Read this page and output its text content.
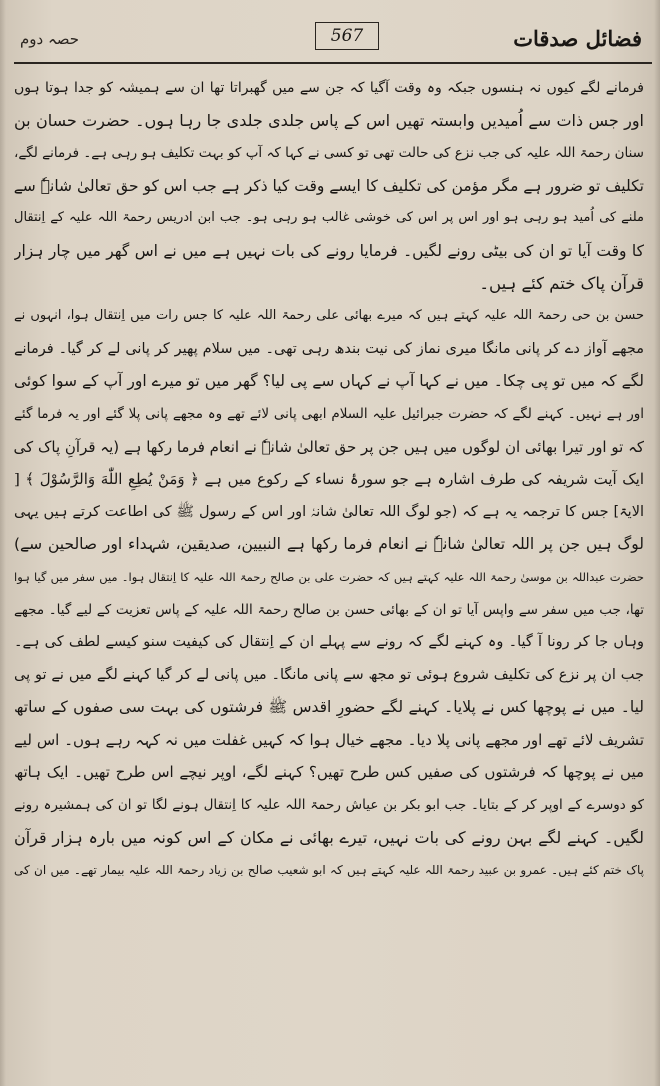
حصہ دوم	567	فضائل صدقات
فرمانے لگے کیوں نہ ہنسوں جبکہ وہ وقت آگیا کہ جن سے میں گھبراتا تھا ان سے ہمیشہ کو جدا ہوتا ہوں
اور جس ذات سے اُمیدیں وابستہ تھیں اس کے پاس جلدی جلدی جا رہا ہوں۔ حضرت حسان بن
سنان رحمۃ اللہ علیہ کی جب نزع کی حالت تھی تو کسی نے کہا کہ آپ کو بہت تکلیف ہو رہی ہے۔ فرمانے لگے،
تکلیف تو ضرور ہے مگر مؤمن کی تکلیف کا ایسے وقت کیا ذکر ہے جب اس کو حق تعالیٰ شانہٗ سے
ملنے کی اُمید ہو رہی ہو اور اس پر اس کی خوشی غالب ہو رہی ہو۔ جب ابن ادریس رحمۃ اللہ علیہ کے اِنتقال
کا وقت آیا تو ان کی بیٹی رونے لگیں۔ فرمایا رونے کی بات نہیں ہے میں نے اس گھر میں چار ہزار
قرآن پاک ختم کئے ہیں۔
حسن بن حی رحمۃ اللہ علیہ کہتے ہیں کہ میرے بھائی علی رحمۃ اللہ علیہ کا جس رات میں اِنتقال ہوا، انہوں نے
مجھے آواز دے کر پانی مانگا میری نماز کی نیت بندھ رہی تھی۔ میں سلام پھیر کر پانی لے کر گیا۔ فرمانے
لگے کہ میں تو پی چکا۔ میں نے کہا آپ نے کہاں سے پی لیا؟ گھر میں تو میرے اور آپ کے سوا کوئی
اور ہے نہیں۔ کہنے لگے کہ حضرت جبرائیل علیہ السلام ابھی پانی لائے تھے وہ مجھے پانی پلا گئے اور یہ فرما گئے
کہ تو اور تیرا بھائی ان لوگوں میں ہیں جن پر حق تعالیٰ شانہٗ نے انعام فرما رکھا ہے (یہ قرآنِ پاک کی
ایک آیت شریفہ کی طرف اشارہ ہے جو سورۂ نساء کے رکوع میں ہے ﴿ وَمَنْ يُطِعِ اللّٰهَ وَالرَّسُوْلَ ﴾ [
الایۃ] جس کا ترجمہ یہ ہے کہ (جو لوگ اللہ تعالیٰ شانہٗ اور اس کے رسول ﷺ کی اطاعت کرتے ہیں یہی
لوگ ہیں جن پر اللہ تعالیٰ شانہٗ نے انعام فرما رکھا ہے النبیین، صدیقین، شہداء اور صالحین سے)
حضرت عبداللہ بن موسیٰ رحمۃ اللہ علیہ کہتے ہیں کہ حضرت علی بن صالح رحمۃ اللہ علیہ کا اِنتقال ہوا۔ میں سفر میں گیا ہوا
تھا، جب میں سفر سے واپس آیا تو ان کے بھائی حسن بن صالح رحمۃ اللہ علیہ کے پاس تعزیت کے لیے گیا۔ مجھے
وہاں جا کر رونا آ گیا۔ وہ کہنے لگے کہ رونے سے پہلے ان کے اِنتقال کی کیفیت سنو کیسے لطف کی ہے۔
جب ان پر نزع کی تکلیف شروع ہوئی تو مجھ سے پانی مانگا۔ میں پانی لے کر گیا کہنے لگے میں نے تو پی
لیا۔ میں نے پوچھا کس نے پلایا۔ کہنے لگے حضورِ اقدس ﷺ فرشتوں کی بہت سی صفوں کے ساتھ
تشریف لائے تھے اور مجھے پانی پلا دیا۔ مجھے خیال ہوا کہ کہیں غفلت میں نہ کہہ رہے ہوں۔ اس لیے
میں نے پوچھا کہ فرشتوں کی صفیں کس طرح تھیں؟ کہنے لگے، اوپر نیچے اس طرح تھیں۔ ایک ہاتھ
کو دوسرے کے اوپر کر کے بتایا۔ جب ابو بکر بن عیاش رحمۃ اللہ علیہ کا اِنتقال ہونے لگا تو ان کی ہمشیرہ رونے
لگیں۔ کہنے لگے بہن رونے کی بات نہیں، تیرے بھائی نے مکان کے اس کونہ میں بارہ ہزار قرآن
پاک ختم کئے ہیں۔ عمرو بن عبید رحمۃ اللہ علیہ کہتے ہیں کہ ابو شعیب صالح بن زیاد رحمۃ اللہ علیہ بیمار تھے۔ میں ان کی
